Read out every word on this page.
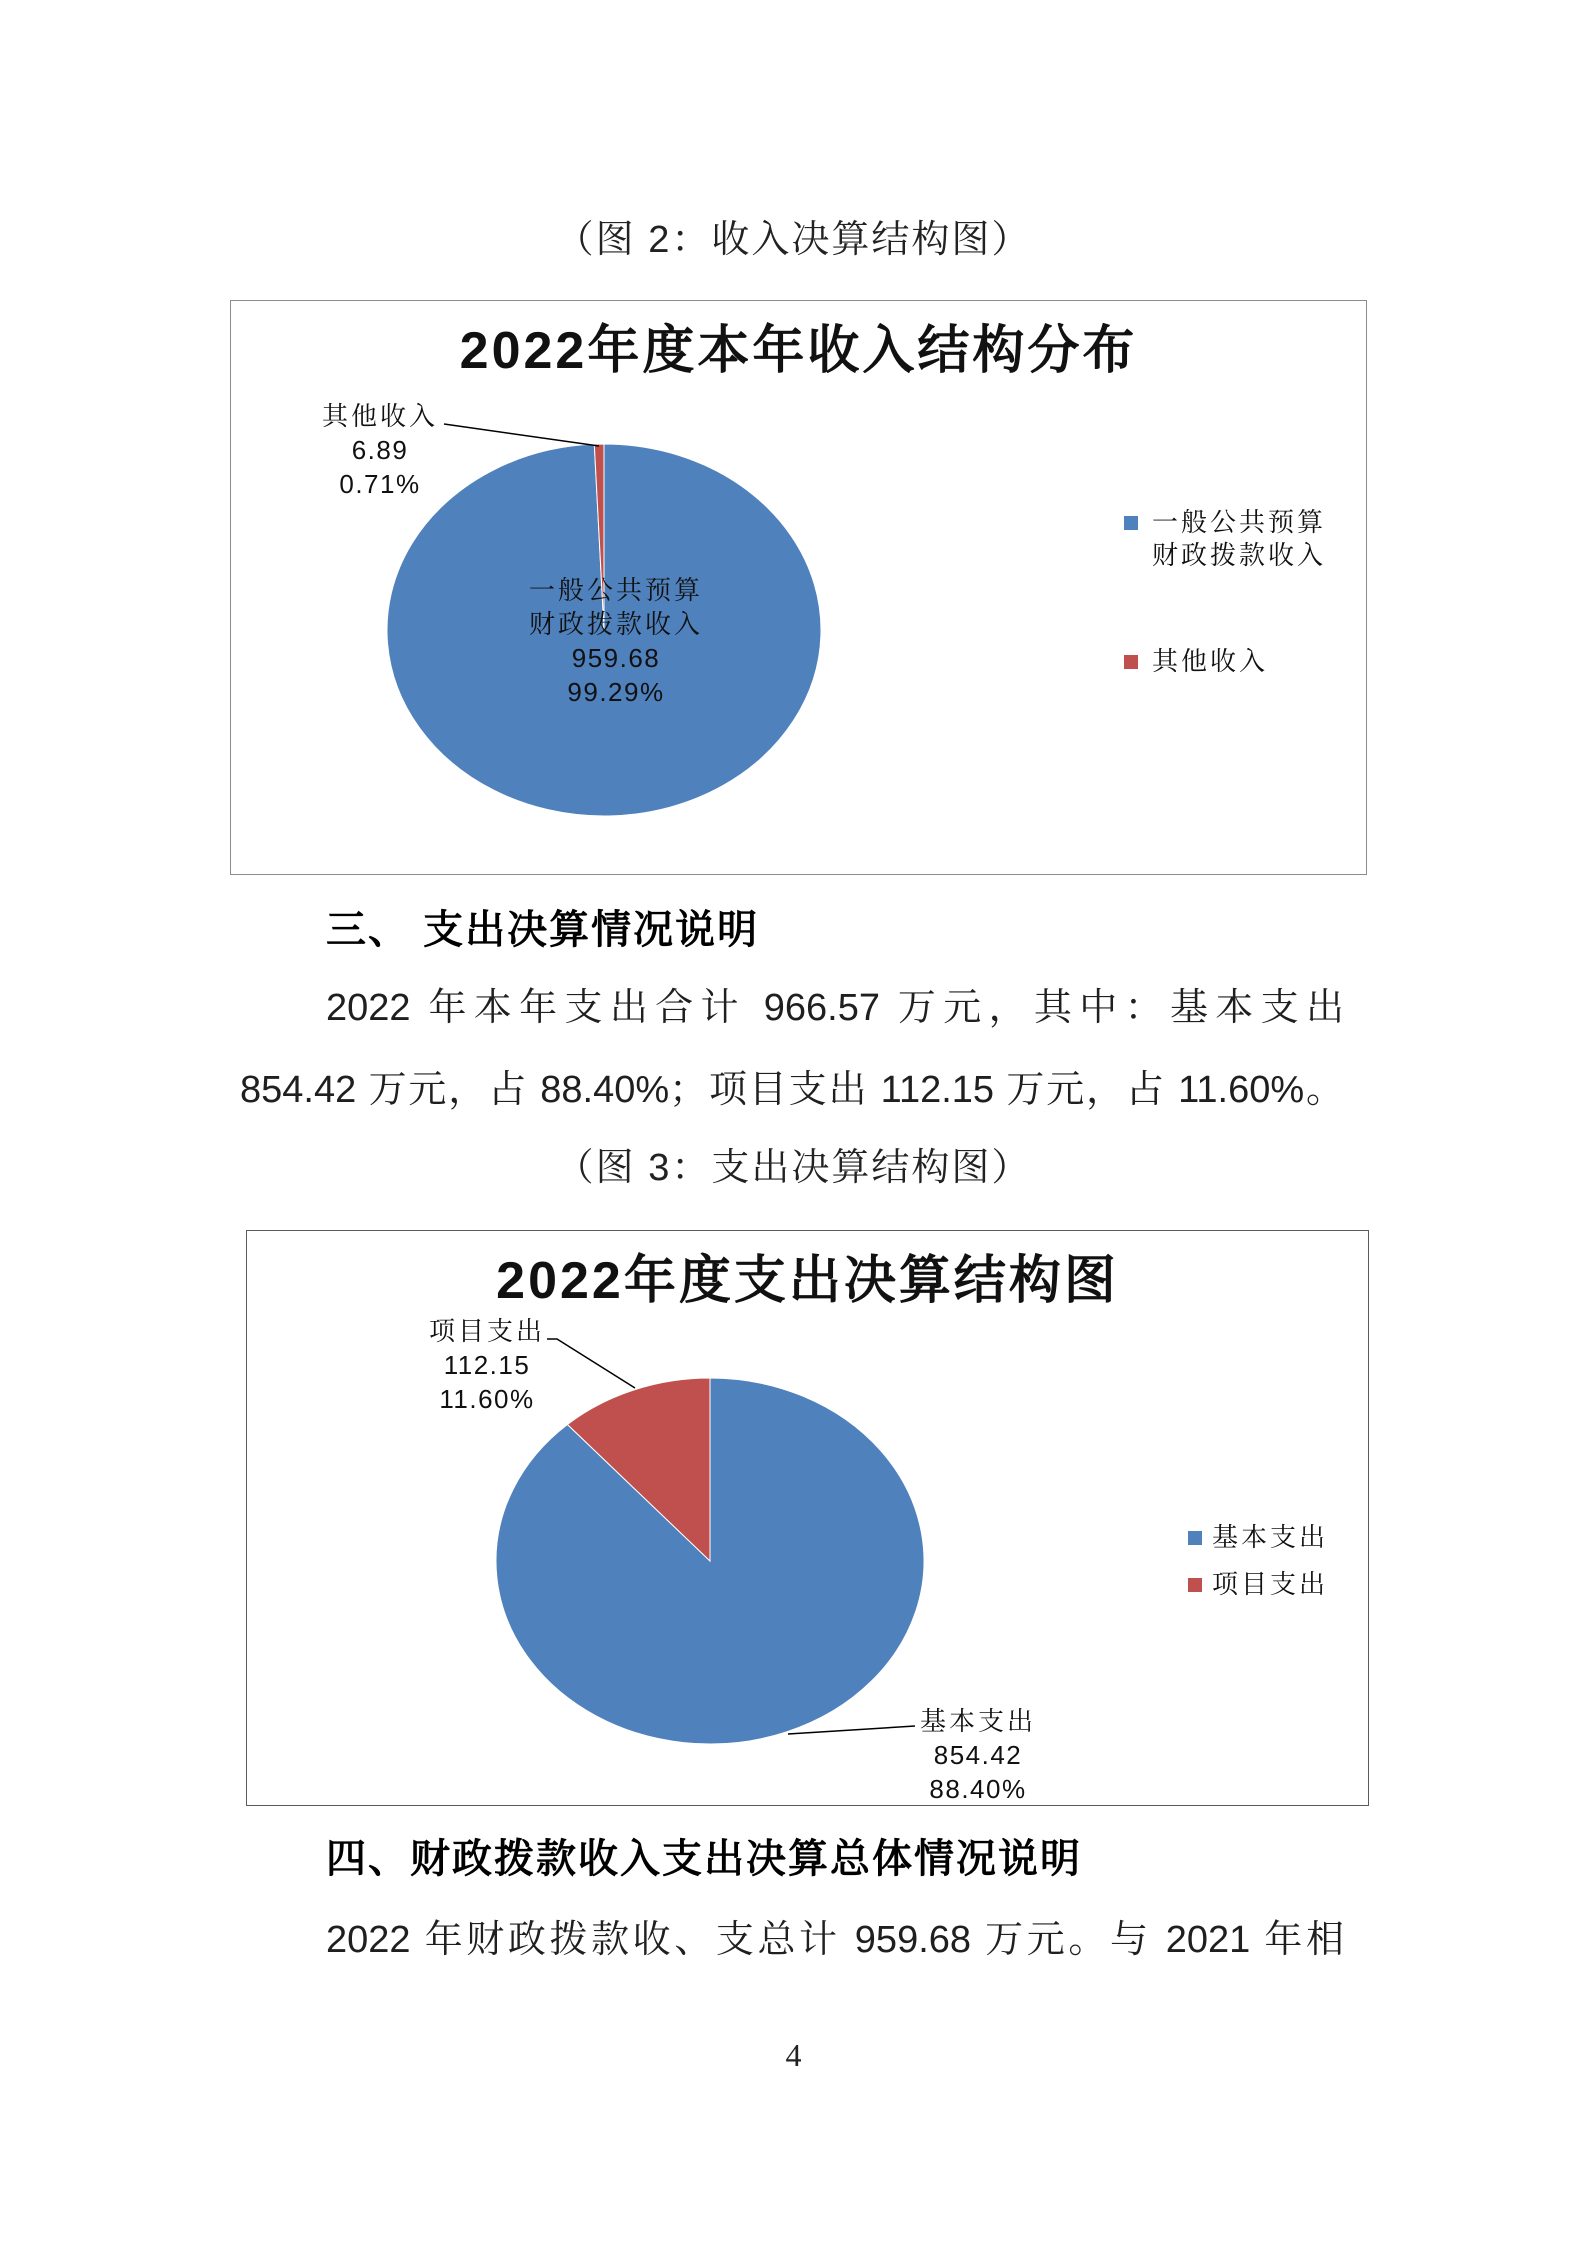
（图 2：收入决算结构图）
2022年度本年收入结构分布
其他收入
6.89
0.71%
一般公共预算
财政拨款收入
959.68
99.29%
一般公共预算
财政拨款收入
其他收入
三、 支出决算情况说明
2022 年本年支出合计 966.57 万元，其中：基本支出
854.42 万元，占 88.40%；项目支出 112.15 万元，占 11.60%。
（图 3：支出决算结构图）
2022年度支出决算结构图
项目支出
112.15
11.60%
基本支出
854.42
88.40%
基本支出
项目支出
四、财政拨款收入支出决算总体情况说明
2022 年财政拨款收、支总计 959.68 万元。与 2021 年相
4
